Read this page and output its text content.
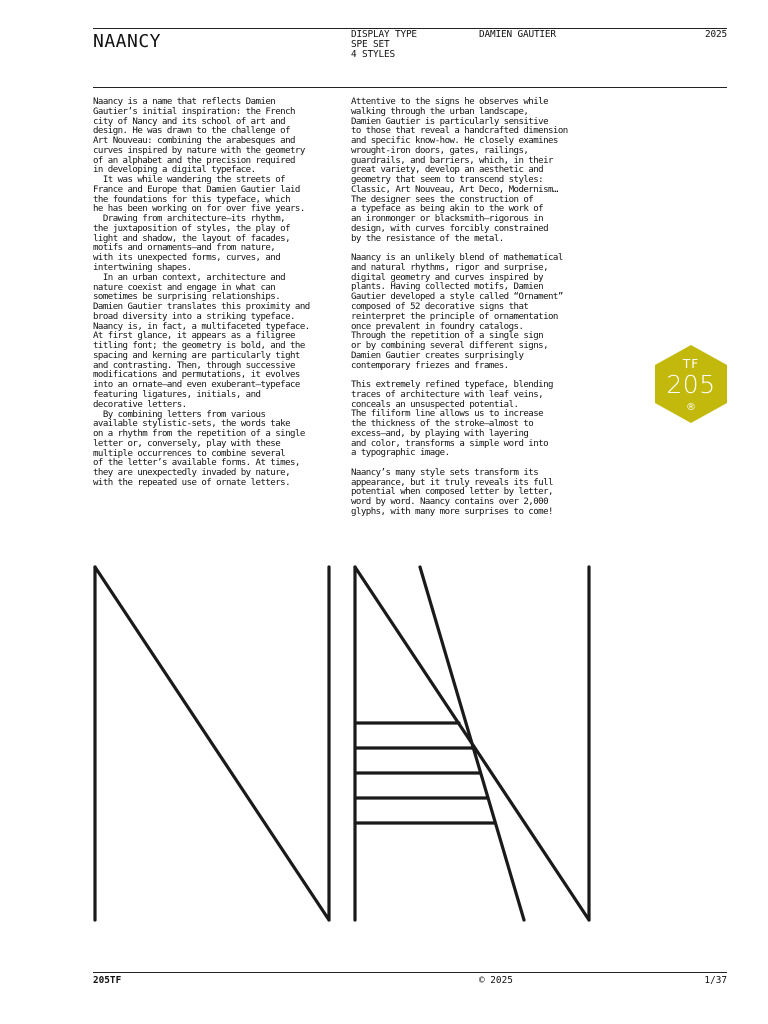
NAANCY	DISPLAY TYPE
SPE SET
4 STYLES
DAMIEN GAUTIER	2025

Naancy is a name that reflects Damien
Gautier’s initial inspiration: the French
city of Nancy and its school of art and
design. He was drawn to the challenge of
Art Nouveau: combining the arabesques and
curves inspired by nature with the geometry
of an alphabet and the precision required
in developing a digital typeface.
It was while wandering the streets of
France and Europe that Damien Gautier laid
the foundations for this typeface, which
he has been working on for over five years.
Drawing from architecture—its rhythm,
the juxtaposition of styles, the play of
light and shadow, the layout of facades,
motifs and ornaments—and from nature,
with its unexpected forms, curves, and
intertwining shapes.
In an urban context, architecture and
nature coexist and engage in what can
sometimes be surprising relationships.
Damien Gautier translates this proximity and
broad diversity into a striking typeface.
Naancy is, in fact, a multifaceted typeface.
At first glance, it appears as a filigree
titling font; the geometry is bold, and the
spacing and kerning are particularly tight
and contrasting. Then, through successive
modifications and permutations, it evolves
into an ornate—and even exuberant—typeface
featuring ligatures, initials, and
decorative letters.
By combining letters from various
available stylistic-sets, the words take
on a rhythm from the repetition of a single
letter or, conversely, play with these
multiple occurrences to combine several
of the letter’s available forms. At times,
they are unexpectedly invaded by nature,
with the repeated use of ornate letters.

Attentive to the signs he observes while
walking through the urban landscape,
Damien Gautier is particularly sensitive
to those that reveal a handcrafted dimension
and specific know-how. He closely examines
wrought-iron doors, gates, railings,
guardrails, and barriers, which, in their
great variety, develop an aesthetic and
geometry that seem to transcend styles:
Classic, Art Nouveau, Art Deco, Modernism…
The designer sees the construction of
a typeface as being akin to the work of
an ironmonger or blacksmith—rigorous in
design, with curves forcibly constrained
by the resistance of the metal.

Naancy is an unlikely blend of mathematical
and natural rhythms, rigor and surprise,
digital geometry and curves inspired by
plants. Having collected motifs, Damien
Gautier developed a style called “Ornament”
composed of 52 decorative signs that
reinterpret the principle of ornamentation
once prevalent in foundry catalogs.
Through the repetition of a single sign
or by combining several different signs,
Damien Gautier creates surprisingly
contemporary friezes and frames.

This extremely refined typeface, blending
traces of architecture with leaf veins,
conceals an unsuspected potential.
The filiform line allows us to increase
the thickness of the stroke—almost to
excess—and, by playing with layering
and color, transforms a simple word into
a typographic image.

Naancy’s many style sets transform its
appearance, but it truly reveals its full
potential when composed letter by letter,
word by word. Naancy contains over 2,000
glyphs, with many more surprises to come!

TF
205
®
205TF	© 2025	1/37
